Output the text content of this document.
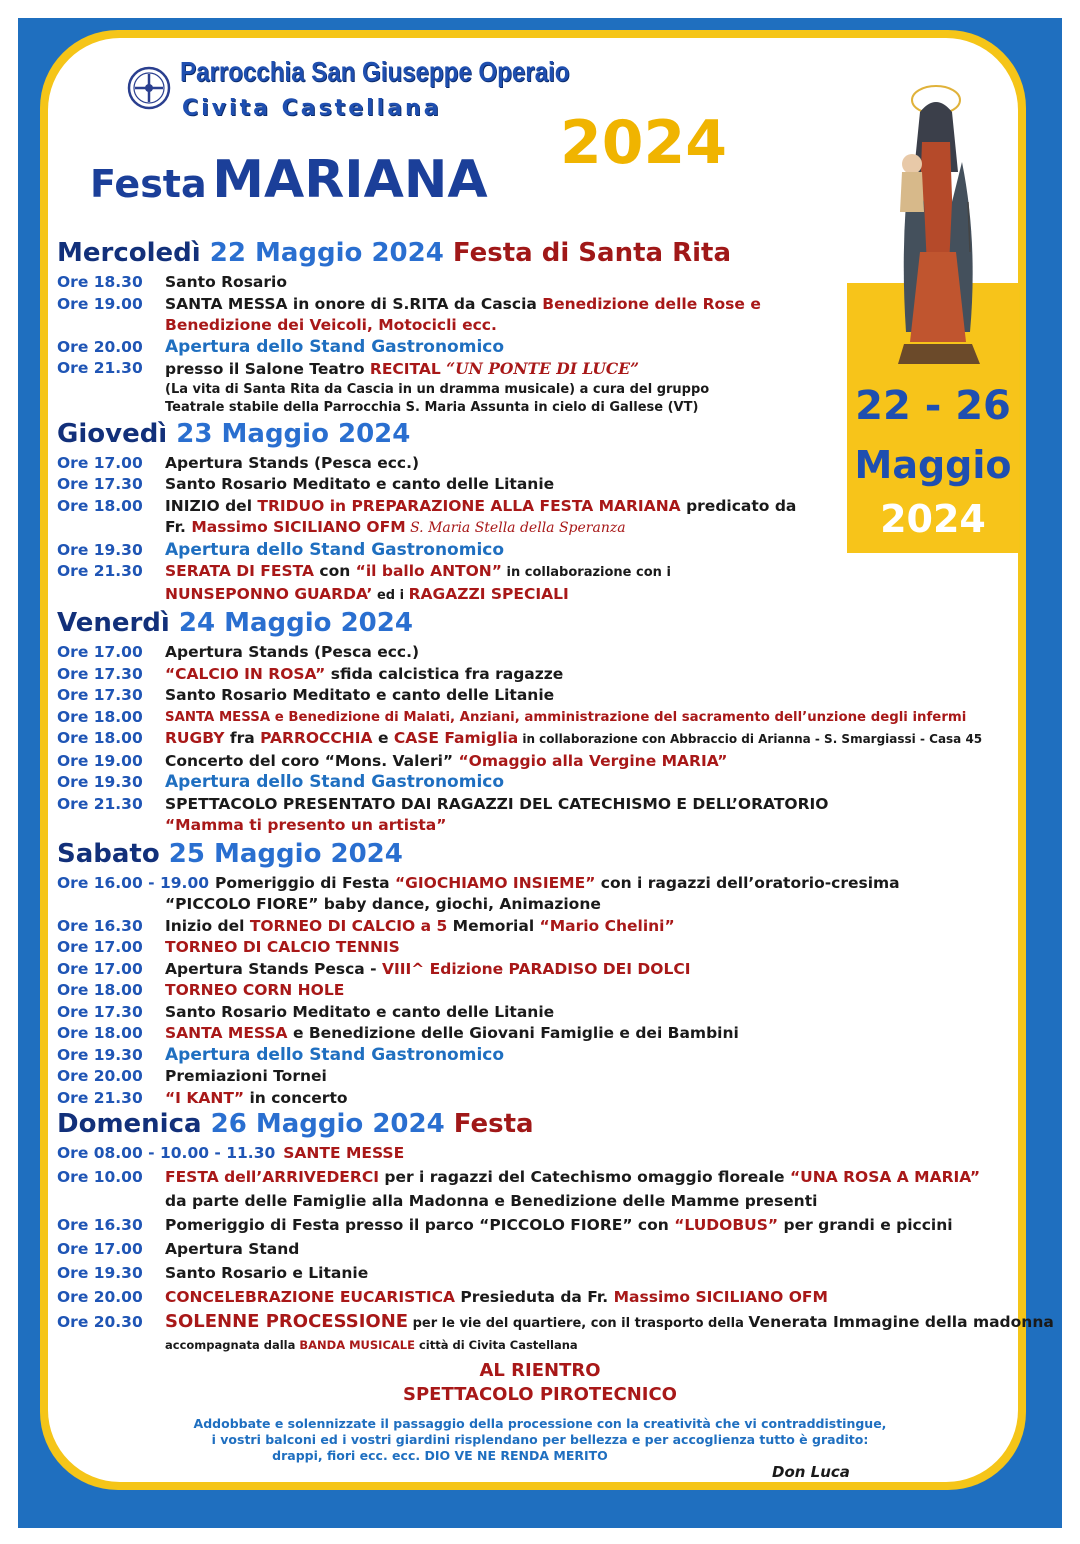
Parrocchia San Giuseppe Operaio
Civita Castellana 2024
Festa MARIANA
22 - 26
Maggio
2024
Mercoledì 22 Maggio 2024 Festa di Santa Rita
Ore 18.30	Santo Rosario
Ore 19.00	SANTA MESSA in onore di S.RITA da Cascia Benedizione delle Rose e
Benedizione dei Veicoli, Motocicli ecc.
Ore 20.00	Apertura dello Stand Gastronomico
Ore 21.30	presso il Salone Teatro RECITAL “UN PONTE DI LUCE”
(La vita di Santa Rita da Cascia in un dramma musicale) a cura del gruppo
Teatrale stabile della Parrocchia S. Maria Assunta in cielo di Gallese (VT)
Giovedì 23 Maggio 2024
Ore 17.00	Apertura Stands (Pesca ecc.)
Ore 17.30	Santo Rosario Meditato e canto delle Litanie
Ore 18.00	INIZIO del TRIDUO in PREPARAZIONE ALLA FESTA MARIANA predicato da
Fr. Massimo SICILIANO OFM S. Maria Stella della Speranza
Ore 19.30	Apertura dello Stand Gastronomico
Ore 21.30	SERATA DI FESTA con “il ballo ANTON” in collaborazione con i
NUNSEPONNO GUARDA’ ed i RAGAZZI SPECIALI
Venerdì 24 Maggio 2024
Ore 17.00	Apertura Stands (Pesca ecc.)
Ore 17.30	“CALCIO IN ROSA” sfida calcistica fra ragazze
Ore 17.30	Santo Rosario Meditato e canto delle Litanie
Ore 18.00	SANTA MESSA e Benedizione di Malati, Anziani, amministrazione del sacramento dell’unzione degli infermi
Ore 18.00	RUGBY fra PARROCCHIA e CASE Famiglia in collaborazione con Abbraccio di Arianna - S. Smargiassi - Casa 45
Ore 19.00	Concerto del coro “Mons. Valeri” “Omaggio alla Vergine MARIA”
Ore 19.30	Apertura dello Stand Gastronomico
Ore 21.30	SPETTACOLO PRESENTATO DAI RAGAZZI DEL CATECHISMO E DELL’ORATORIO
“Mamma ti presento un artista”
Sabato 25 Maggio 2024
Ore 16.00 - 19.00 Pomeriggio di Festa “GIOCHIAMO INSIEME” con i ragazzi dell’oratorio-cresima
“PICCOLO FIORE” baby dance, giochi, Animazione
Ore 16.30	Inizio del TORNEO DI CALCIO a 5 Memorial “Mario Chelini”
Ore 17.00	TORNEO DI CALCIO TENNIS
Ore 17.00	Apertura Stands Pesca - VIII^ Edizione PARADISO DEI DOLCI
Ore 18.00	TORNEO CORN HOLE
Ore 17.30	Santo Rosario Meditato e canto delle Litanie
Ore 18.00	SANTA MESSA e Benedizione delle Giovani Famiglie e dei Bambini
Ore 19.30	Apertura dello Stand Gastronomico
Ore 20.00	Premiazioni Tornei
Ore 21.30	“I KANT” in concerto
Domenica 26 Maggio 2024 Festa
Ore 08.00 - 10.00 - 11.30 SANTE MESSE
Ore 10.00	FESTA dell’ARRIVEDERCI per i ragazzi del Catechismo omaggio floreale “UNA ROSA A MARIA”
da parte delle Famiglie alla Madonna e Benedizione delle Mamme presenti
Ore 16.30	Pomeriggio di Festa presso il parco “PICCOLO FIORE” con “LUDOBUS” per grandi e piccini
Ore 17.00	Apertura Stand
Ore 19.30	Santo Rosario e Litanie
Ore 20.00	CONCELEBRAZIONE EUCARISTICA Presieduta da Fr. Massimo SICILIANO OFM
Ore 20.30	SOLENNE PROCESSIONE per le vie del quartiere, con il trasporto della Venerata Immagine della madonna
accompagnata dalla BANDA MUSICALE città di Civita Castellana
AL RIENTRO
SPETTACOLO PIROTECNICO
Addobbate e solennizzate il passaggio della processione con la creatività che vi contraddistingue,
i vostri balconi ed i vostri giardini risplendano per bellezza e per accoglienza tutto è gradito:
drappi, fiori ecc. ecc. DIO VE NE RENDA MERITO
Don Luca
